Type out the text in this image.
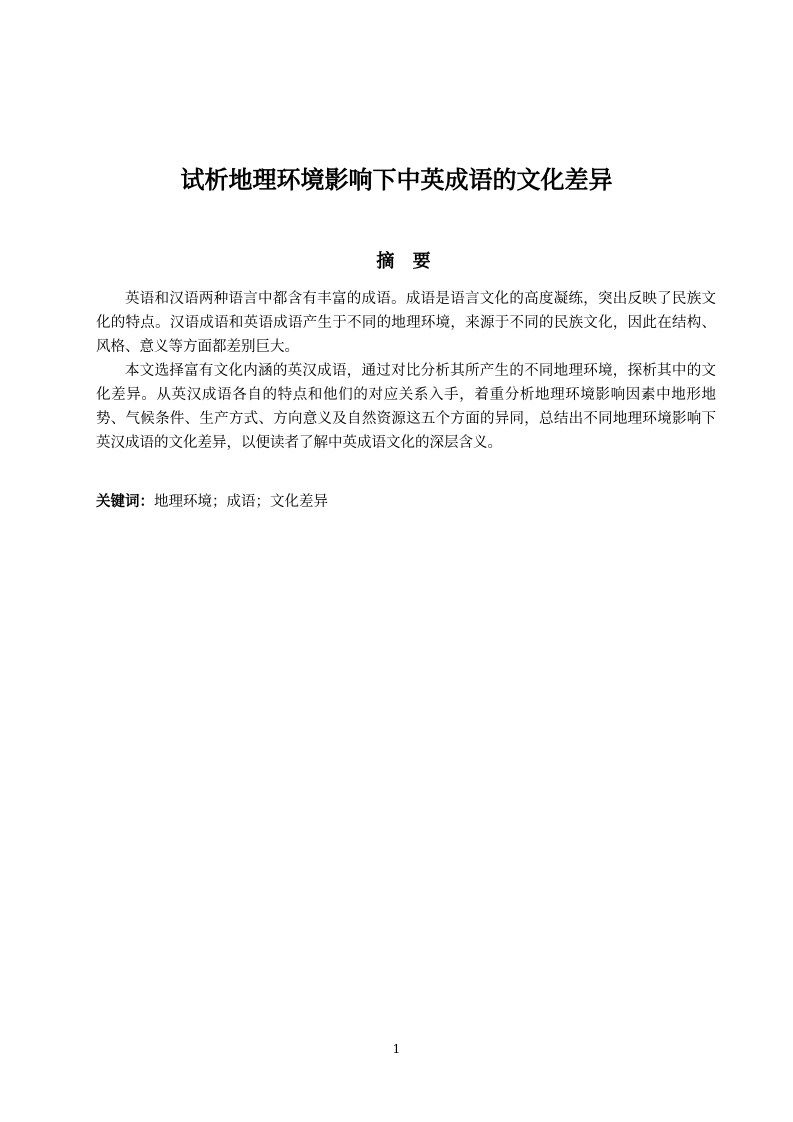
试析地理环境影响下中英成语的文化差异
摘 要

英语和汉语两种语言中都含有丰富的成语。成语是语言文化的高度凝练，突出反映了民族文化的特点。汉语成语和英语成语产生于不同的地理环境，来源于不同的民族文化，因此在结构、风格、意义等方面都差别巨大。

本文选择富有文化内涵的英汉成语，通过对比分析其所产生的不同地理环境，探析其中的文化差异。从英汉成语各自的特点和他们的对应关系入手，着重分析地理环境影响因素中地形地势、气候条件、生产方式、方向意义及自然资源这五个方面的异同，总结出不同地理环境影响下英汉成语的文化差异，以便读者了解中英成语文化的深层含义。

关键词：地理环境；成语；文化差异
1
